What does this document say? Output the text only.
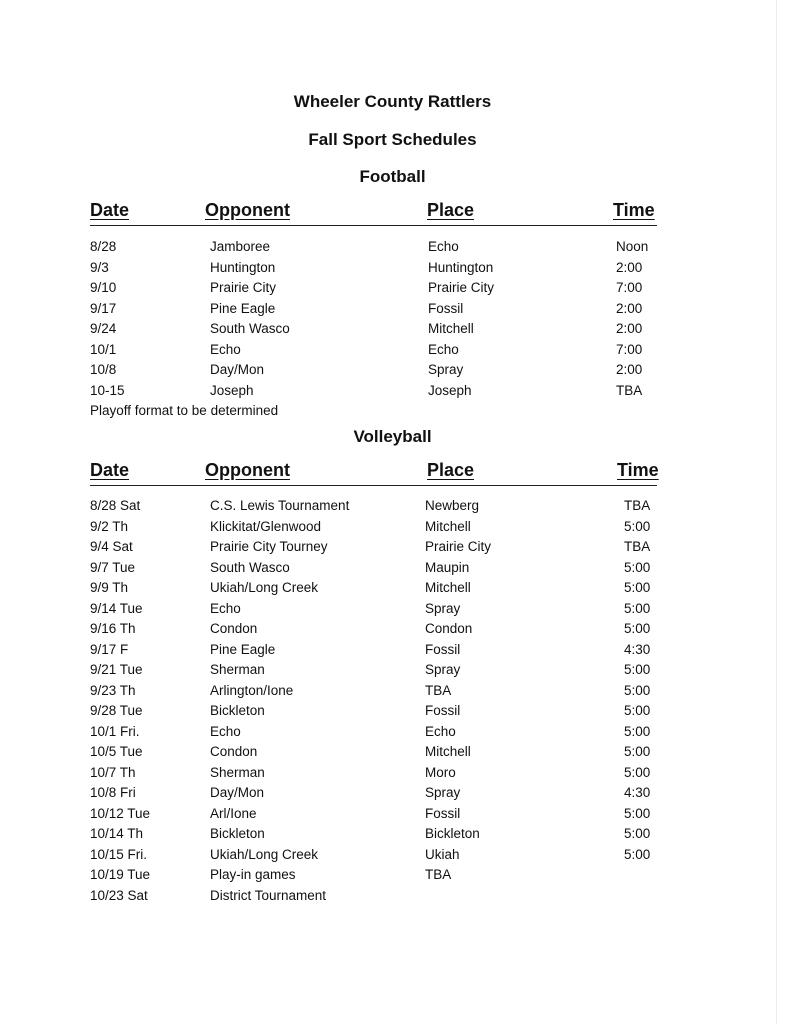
Wheeler County Rattlers
Fall Sport Schedules
Football
Date	Opponent	Place	Time
8/28	Jamboree	Echo	Noon
9/3	Huntington	Huntington	2:00
9/10	Prairie City	Prairie City	7:00
9/17	Pine Eagle	Fossil	2:00
9/24	South Wasco	Mitchell	2:00
10/1	Echo	Echo	7:00
10/8	Day/Mon	Spray	2:00
10-15	Joseph	Joseph	TBA
Playoff format to be determined
Volleyball
Date	Opponent	Place	Time
8/28 Sat	C.S. Lewis Tournament	Newberg	TBA
9/2 Th	Klickitat/Glenwood	Mitchell	5:00
9/4 Sat	Prairie City Tourney	Prairie City	TBA
9/7 Tue	South Wasco	Maupin	5:00
9/9 Th	Ukiah/Long Creek	Mitchell	5:00
9/14 Tue	Echo	Spray	5:00
9/16 Th	Condon	Condon	5:00
9/17 F	Pine Eagle	Fossil	4:30
9/21 Tue	Sherman	Spray	5:00
9/23 Th	Arlington/Ione	TBA	5:00
9/28 Tue	Bickleton	Fossil	5:00
10/1 Fri.	Echo	Echo	5:00
10/5 Tue	Condon	Mitchell	5:00
10/7 Th	Sherman	Moro	5:00
10/8 Fri	Day/Mon	Spray	4:30
10/12 Tue	Arl/Ione	Fossil	5:00
10/14 Th	Bickleton	Bickleton	5:00
10/15 Fri.	Ukiah/Long Creek	Ukiah	5:00
10/19 Tue	Play-in games	TBA
10/23 Sat	District Tournament
